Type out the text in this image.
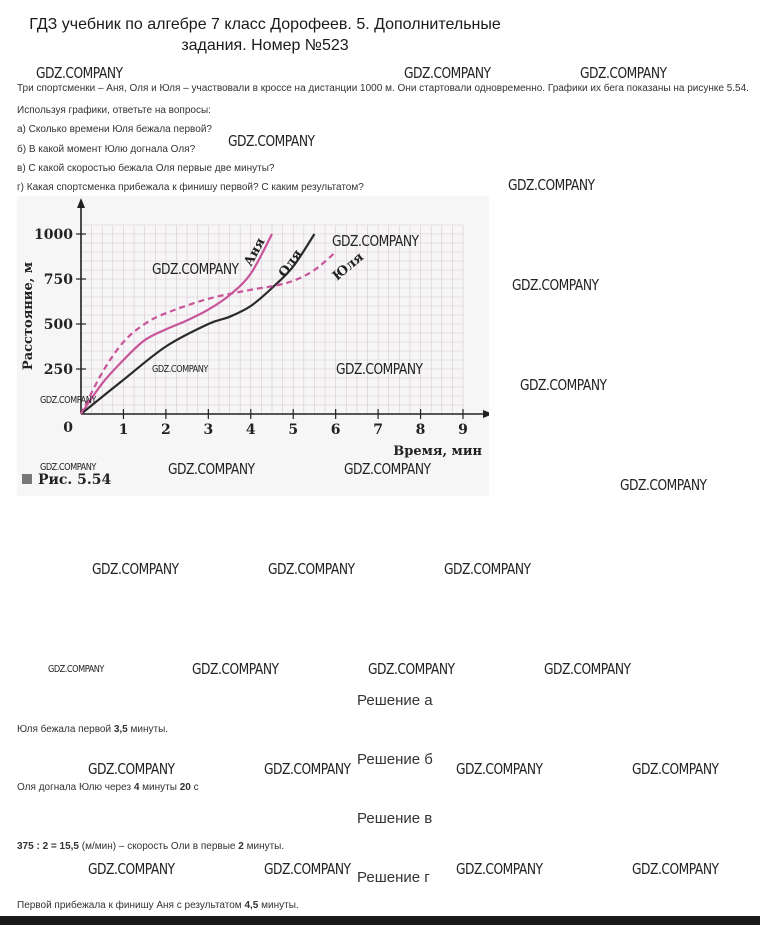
ГДЗ учебник по алгебре 7 класс Дорофеев. 5. Дополнительные задания. Номер №523
Три спортсменки – Аня, Оля и Юля – участвовали в кроссе на дистанции 1000 м. Они стартовали одновременно. Графики их бега показаны на рисунке 5.54. Используя графики, ответьте на вопросы:
а) Сколько времени Юля бежала первой?
б) В какой момент Юлю догнала Оля?
в) С какой скоростью бежала Оля первые две минуты?
г) Какая спортсменка прибежала к финишу первой? С каким результатом?
1 2 3 4 5 6 7 8 9
250
500
750
1000
0
Расстояние, м
Время, мин
Аня Оля Юля
Рис. 5.54
GDZ.COMPANY	GDZ.COMPANY	GDZ.COMPANY
GDZ.COMPANY
GDZ.COMPANY
GDZ.COMPANY
GDZ.COMPANY
GDZ.COMPANY
GDZ.COMPANY	GDZ.COMPANY
GDZ.COMPANY
GDZ.COMPANY
GDZ.COMPANY	GDZ.COMPANY	GDZ.COMPANY
GDZ.COMPANY
GDZ.COMPANY	GDZ.COMPANY	GDZ.COMPANY
GDZ.COMPANY	GDZ.COMPANY	GDZ.COMPANY	GDZ.COMPANY
GDZ.COMPANY	GDZ.COMPANY	GDZ.COMPANY	GDZ.COMPANY
GDZ.COMPANY	GDZ.COMPANY	GDZ.COMPANY	GDZ.COMPANY
Решение а
Юля бежала первой 3,5 минуты.
Решение б
Оля догнала Юлю через 4 минуты 20 с
Решение в
375 : 2 = 15,5 (м/мин) – скорость Оли в первые 2 минуты.
Решение г
Первой прибежала к финишу Аня с результатом 4,5 минуты.
